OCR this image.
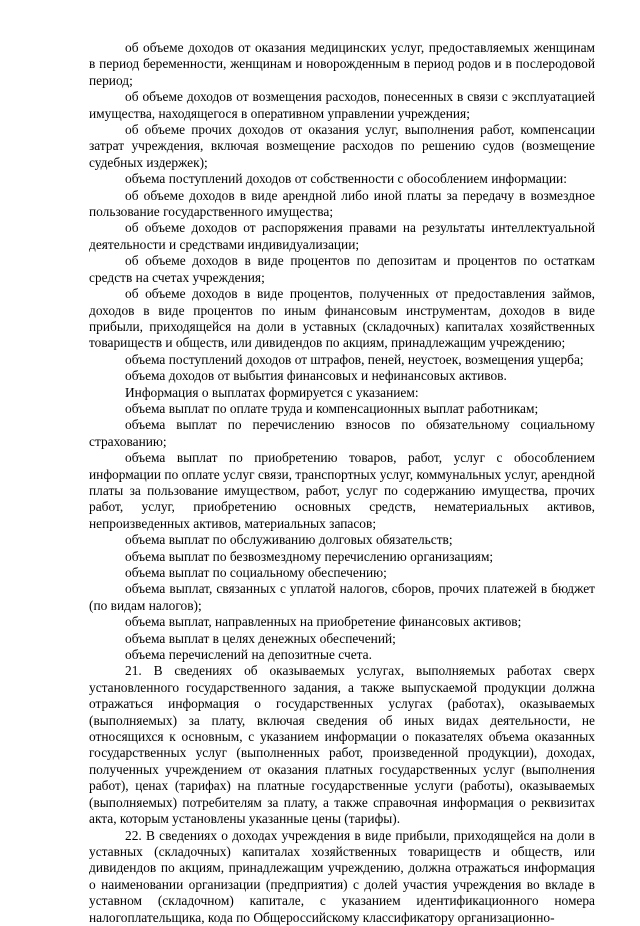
об объеме доходов от оказания медицинских услуг, предоставляемых женщинам в период беременности, женщинам и новорожденным в период родов и в послеродовой период;

об объеме доходов от возмещения расходов, понесенных в связи с эксплуатацией имущества, находящегося в оперативном управлении учреждения;

об объеме прочих доходов от оказания услуг, выполнения работ, компенсации затрат учреждения, включая возмещение расходов по решению судов (возмещение судебных издержек);

объема поступлений доходов от собственности с обособлением информации:

об объеме доходов в виде арендной либо иной платы за передачу в возмездное пользование государственного имущества;

об объеме доходов от распоряжения правами на результаты интеллектуальной деятельности и средствами индивидуализации;

об объеме доходов в виде процентов по депозитам и процентов по остаткам средств на счетах учреждения;

об объеме доходов в виде процентов, полученных от предоставления займов, доходов в виде процентов по иным финансовым инструментам, доходов в виде прибыли, приходящейся на доли в уставных (складочных) капиталах хозяйственных товариществ и обществ, или дивидендов по акциям, принадлежащим учреждению;

объема поступлений доходов от штрафов, пеней, неустоек, возмещения ущерба;

объема доходов от выбытия финансовых и нефинансовых активов.

Информация о выплатах формируется с указанием:

объема выплат по оплате труда и компенсационных выплат работникам;

объема выплат по перечислению взносов по обязательному социальному страхованию;

объема выплат по приобретению товаров, работ, услуг с обособлением информации по оплате услуг связи, транспортных услуг, коммунальных услуг, арендной платы за пользование имуществом, работ, услуг по содержанию имущества, прочих работ, услуг, приобретению основных средств, нематериальных активов, непроизведенных активов, материальных запасов;

объема выплат по обслуживанию долговых обязательств;

объема выплат по безвозмездному перечислению организациям;

объема выплат по социальному обеспечению;

объема выплат, связанных с уплатой налогов, сборов, прочих платежей в бюджет (по видам налогов);

объема выплат, направленных на приобретение финансовых активов;

объема выплат в целях денежных обеспечений;

объема перечислений на депозитные счета.

21. В сведениях об оказываемых услугах, выполняемых работах сверх установленного государственного задания, а также выпускаемой продукции должна отражаться информация о государственных услугах (работах), оказываемых (выполняемых) за плату, включая сведения об иных видах деятельности, не относящихся к основным, с указанием информации о показателях объема оказанных государственных услуг (выполненных работ, произведенной продукции), доходах, полученных учреждением от оказания платных государственных услуг (выполнения работ), ценах (тарифах) на платные государственные услуги (работы), оказываемых (выполняемых) потребителям за плату, а также справочная информация о реквизитах акта, которым установлены указанные цены (тарифы).

22. В сведениях о доходах учреждения в виде прибыли, приходящейся на доли в уставных (складочных) капиталах хозяйственных товариществ и обществ, или дивидендов по акциям, принадлежащим учреждению, должна отражаться информация о наименовании организации (предприятия) с долей участия учреждения во вкладе в уставном (складочном) капитале, с указанием идентификационного номера налогоплательщика, кода по Общероссийскому классификатору организационно-
